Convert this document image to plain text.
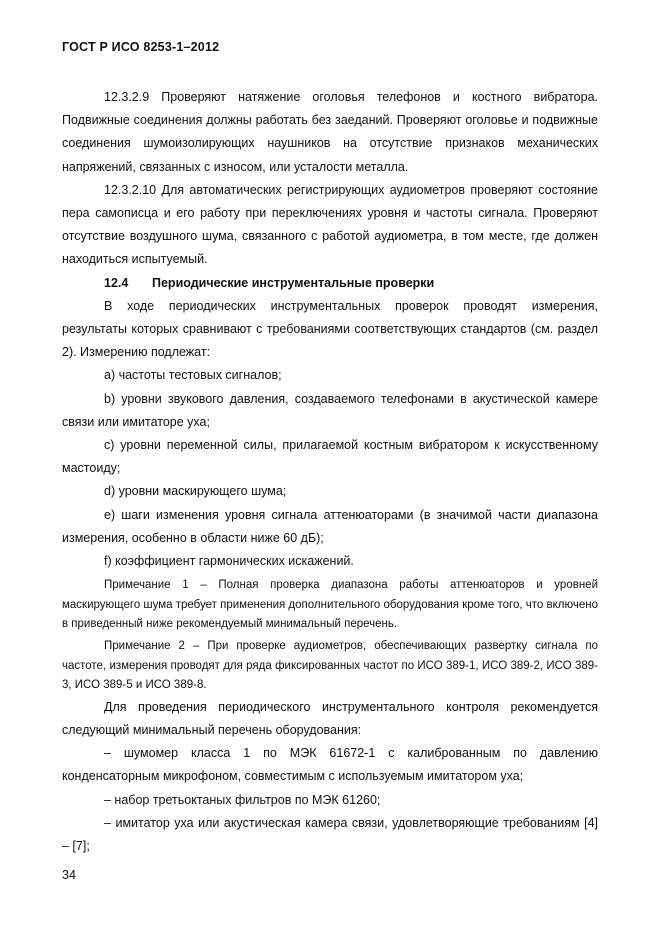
ГОСТ Р ИСО 8253-1–2012

12.3.2.9 Проверяют натяжение оголовья телефонов и костного вибратора. Подвижные соединения должны работать без заеданий. Проверяют оголовье и подвижные соединения шумоизолирующих наушников на отсутствие признаков механических напряжений, связанных с износом, или усталости металла.

12.3.2.10 Для автоматических регистрирующих аудиометров проверяют состояние пера самописца и его работу при переключениях уровня и частоты сигнала. Проверяют отсутствие воздушного шума, связанного с работой аудиометра, в том месте, где должен находиться испытуемый.

12.4 Периодические инструментальные проверки

В ходе периодических инструментальных проверок проводят измерения, результаты которых сравнивают с требованиями соответствующих стандартов (см. раздел 2). Измерению подлежат:

а) частоты тестовых сигналов;

b) уровни звукового давления, создаваемого телефонами в акустической камере связи или имитаторе уха;

c) уровни переменной силы, прилагаемой костным вибратором к искусственному мастоиду;

d) уровни маскирующего шума;

e) шаги изменения уровня сигнала аттенюаторами (в значимой части диапазона измерения, особенно в области ниже 60 дБ);

f) коэффициент гармонических искажений.

Примечание 1 – Полная проверка диапазона работы аттенюаторов и уровней маскирующего шума требует применения дополнительного оборудования кроме того, что включено в приведенный ниже рекомендуемый минимальный перечень.

Примечание 2 – При проверке аудиометров, обеспечивающих развертку сигнала по частоте, измерения проводят для ряда фиксированных частот по ИСО 389-1, ИСО 389-2, ИСО 389-3, ИСО 389-5 и ИСО 389-8.

Для проведения периодического инструментального контроля рекомендуется следующий минимальный перечень оборудования:

– шумомер класса 1 по МЭК 61672-1 с калиброванным по давлению конденсаторным микрофоном, совместимым с используемым имитатором уха;

– набор третьоктаных фильтров по МЭК 61260;

– имитатор уха или акустическая камера связи, удовлетворяющие требованиям [4] – [7];

34
